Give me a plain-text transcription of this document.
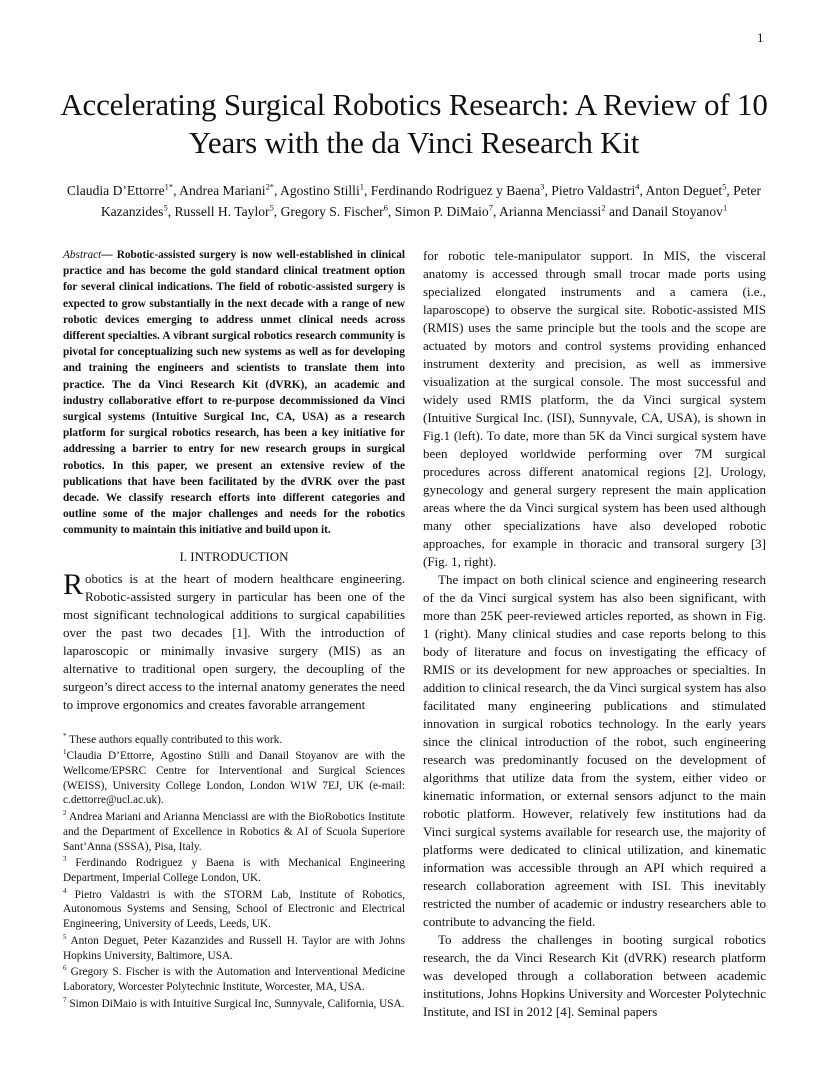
1
Accelerating Surgical Robotics Research: A Review of 10 Years with the da Vinci Research Kit
Claudia D’Ettorre$^{1*}$, Andrea Mariani$^{2*}$, Agostino Stilli$^1$, Ferdinando Rodriguez y Baena$^3$, Pietro Valdastri$^4$, Anton Deguet$^5$, Peter Kazanzides$^5$, Russell H. Taylor$^5$, Gregory S. Fischer$^6$, Simon P. DiMaio$^7$, Arianna Menciassi$^2$ and Danail Stoyanov$^1$

Abstract— Robotic-assisted surgery is now well-established in clinical practice and has become the gold standard clinical treatment option for several clinical indications. The field of robotic-assisted surgery is expected to grow substantially in the next decade with a range of new robotic devices emerging to address unmet clinical needs across different specialties. A vibrant surgical robotics research community is pivotal for conceptualizing such new systems as well as for developing and training the engineers and scientists to translate them into practice. The da Vinci Research Kit (dVRK), an academic and industry collaborative effort to re-purpose decommissioned da Vinci surgical systems (Intuitive Surgical Inc, CA, USA) as a research platform for surgical robotics research, has been a key initiative for addressing a barrier to entry for new research groups in surgical robotics. In this paper, we present an extensive review of the publications that have been facilitated by the dVRK over the past decade. We classify research efforts into different categories and outline some of the major challenges and needs for the robotics community to maintain this initiative and build upon it.

I. INTRODUCTION

Robotics is at the heart of modern healthcare engineering. Robotic-assisted surgery in particular has been one of the most significant technological additions to surgical capabilities over the past two decades [1]. With the introduction of laparoscopic or minimally invasive surgery (MIS) as an alternative to traditional open surgery, the decoupling of the surgeon’s direct access to the internal anatomy generates the need to improve ergonomics and creates favorable arrangement

* These authors equally contributed to this work.

$^1$Claudia D’Ettorre, Agostino Stilli and Danail Stoyanov are with the Wellcome/EPSRC Centre for Interventional and Surgical Sciences (WEISS), University College London, London W1W 7EJ, UK (e-mail: c.dettorre@ucl.ac.uk).

$^2$ Andrea Mariani and Arianna Menciassi are with the BioRobotics Institute and the Department of Excellence in Robotics & AI of Scuola Superiore Sant’Anna (SSSA), Pisa, Italy.

$^3$ Ferdinando Rodriguez y Baena is with Mechanical Engineering Department, Imperial College London, UK.

$^4$ Pietro Valdastri is with the STORM Lab, Institute of Robotics, Autonomous Systems and Sensing, School of Electronic and Electrical Engineering, University of Leeds, Leeds, UK.

$^5$ Anton Deguet, Peter Kazanzides and Russell H. Taylor are with Johns Hopkins University, Baltimore, USA.

$^6$ Gregory S. Fischer is with the Automation and Interventional Medicine Laboratory, Worcester Polytechnic Institute, Worcester, MA, USA.

$^7$ Simon DiMaio is with Intuitive Surgical Inc, Sunnyvale, California, USA.

for robotic tele-manipulator support. In MIS, the visceral anatomy is accessed through small trocar made ports using specialized elongated instruments and a camera (i.e., laparoscope) to observe the surgical site. Robotic-assisted MIS (RMIS) uses the same principle but the tools and the scope are actuated by motors and control systems providing enhanced instrument dexterity and precision, as well as immersive visualization at the surgical console. The most successful and widely used RMIS platform, the da Vinci surgical system (Intuitive Surgical Inc. (ISI), Sunnyvale, CA, USA), is shown in Fig.1 (left). To date, more than 5K da Vinci surgical system have been deployed worldwide performing over 7M surgical procedures across different anatomical regions [2]. Urology, gynecology and general surgery represent the main application areas where the da Vinci surgical system has been used although many other specializations have also developed robotic approaches, for example in thoracic and transoral surgery [3] (Fig. 1, right).

The impact on both clinical science and engineering research of the da Vinci surgical system has also been significant, with more than 25K peer-reviewed articles reported, as shown in Fig. 1 (right). Many clinical studies and case reports belong to this body of literature and focus on investigating the efficacy of RMIS or its development for new approaches or specialties. In addition to clinical research, the da Vinci surgical system has also facilitated many engineering publications and stimulated innovation in surgical robotics technology. In the early years since the clinical introduction of the robot, such engineering research was predominantly focused on the development of algorithms that utilize data from the system, either video or kinematic information, or external sensors adjunct to the main robotic platform. However, relatively few institutions had da Vinci surgical systems available for research use, the majority of platforms were dedicated to clinical utilization, and kinematic information was accessible through an API which required a research collaboration agreement with ISI. This inevitably restricted the number of academic or industry researchers able to contribute to advancing the field.

To address the challenges in booting surgical robotics research, the da Vinci Research Kit (dVRK) research platform was developed through a collaboration between academic institutions, Johns Hopkins University and Worcester Polytechnic Institute, and ISI in 2012 [4]. Seminal papers
